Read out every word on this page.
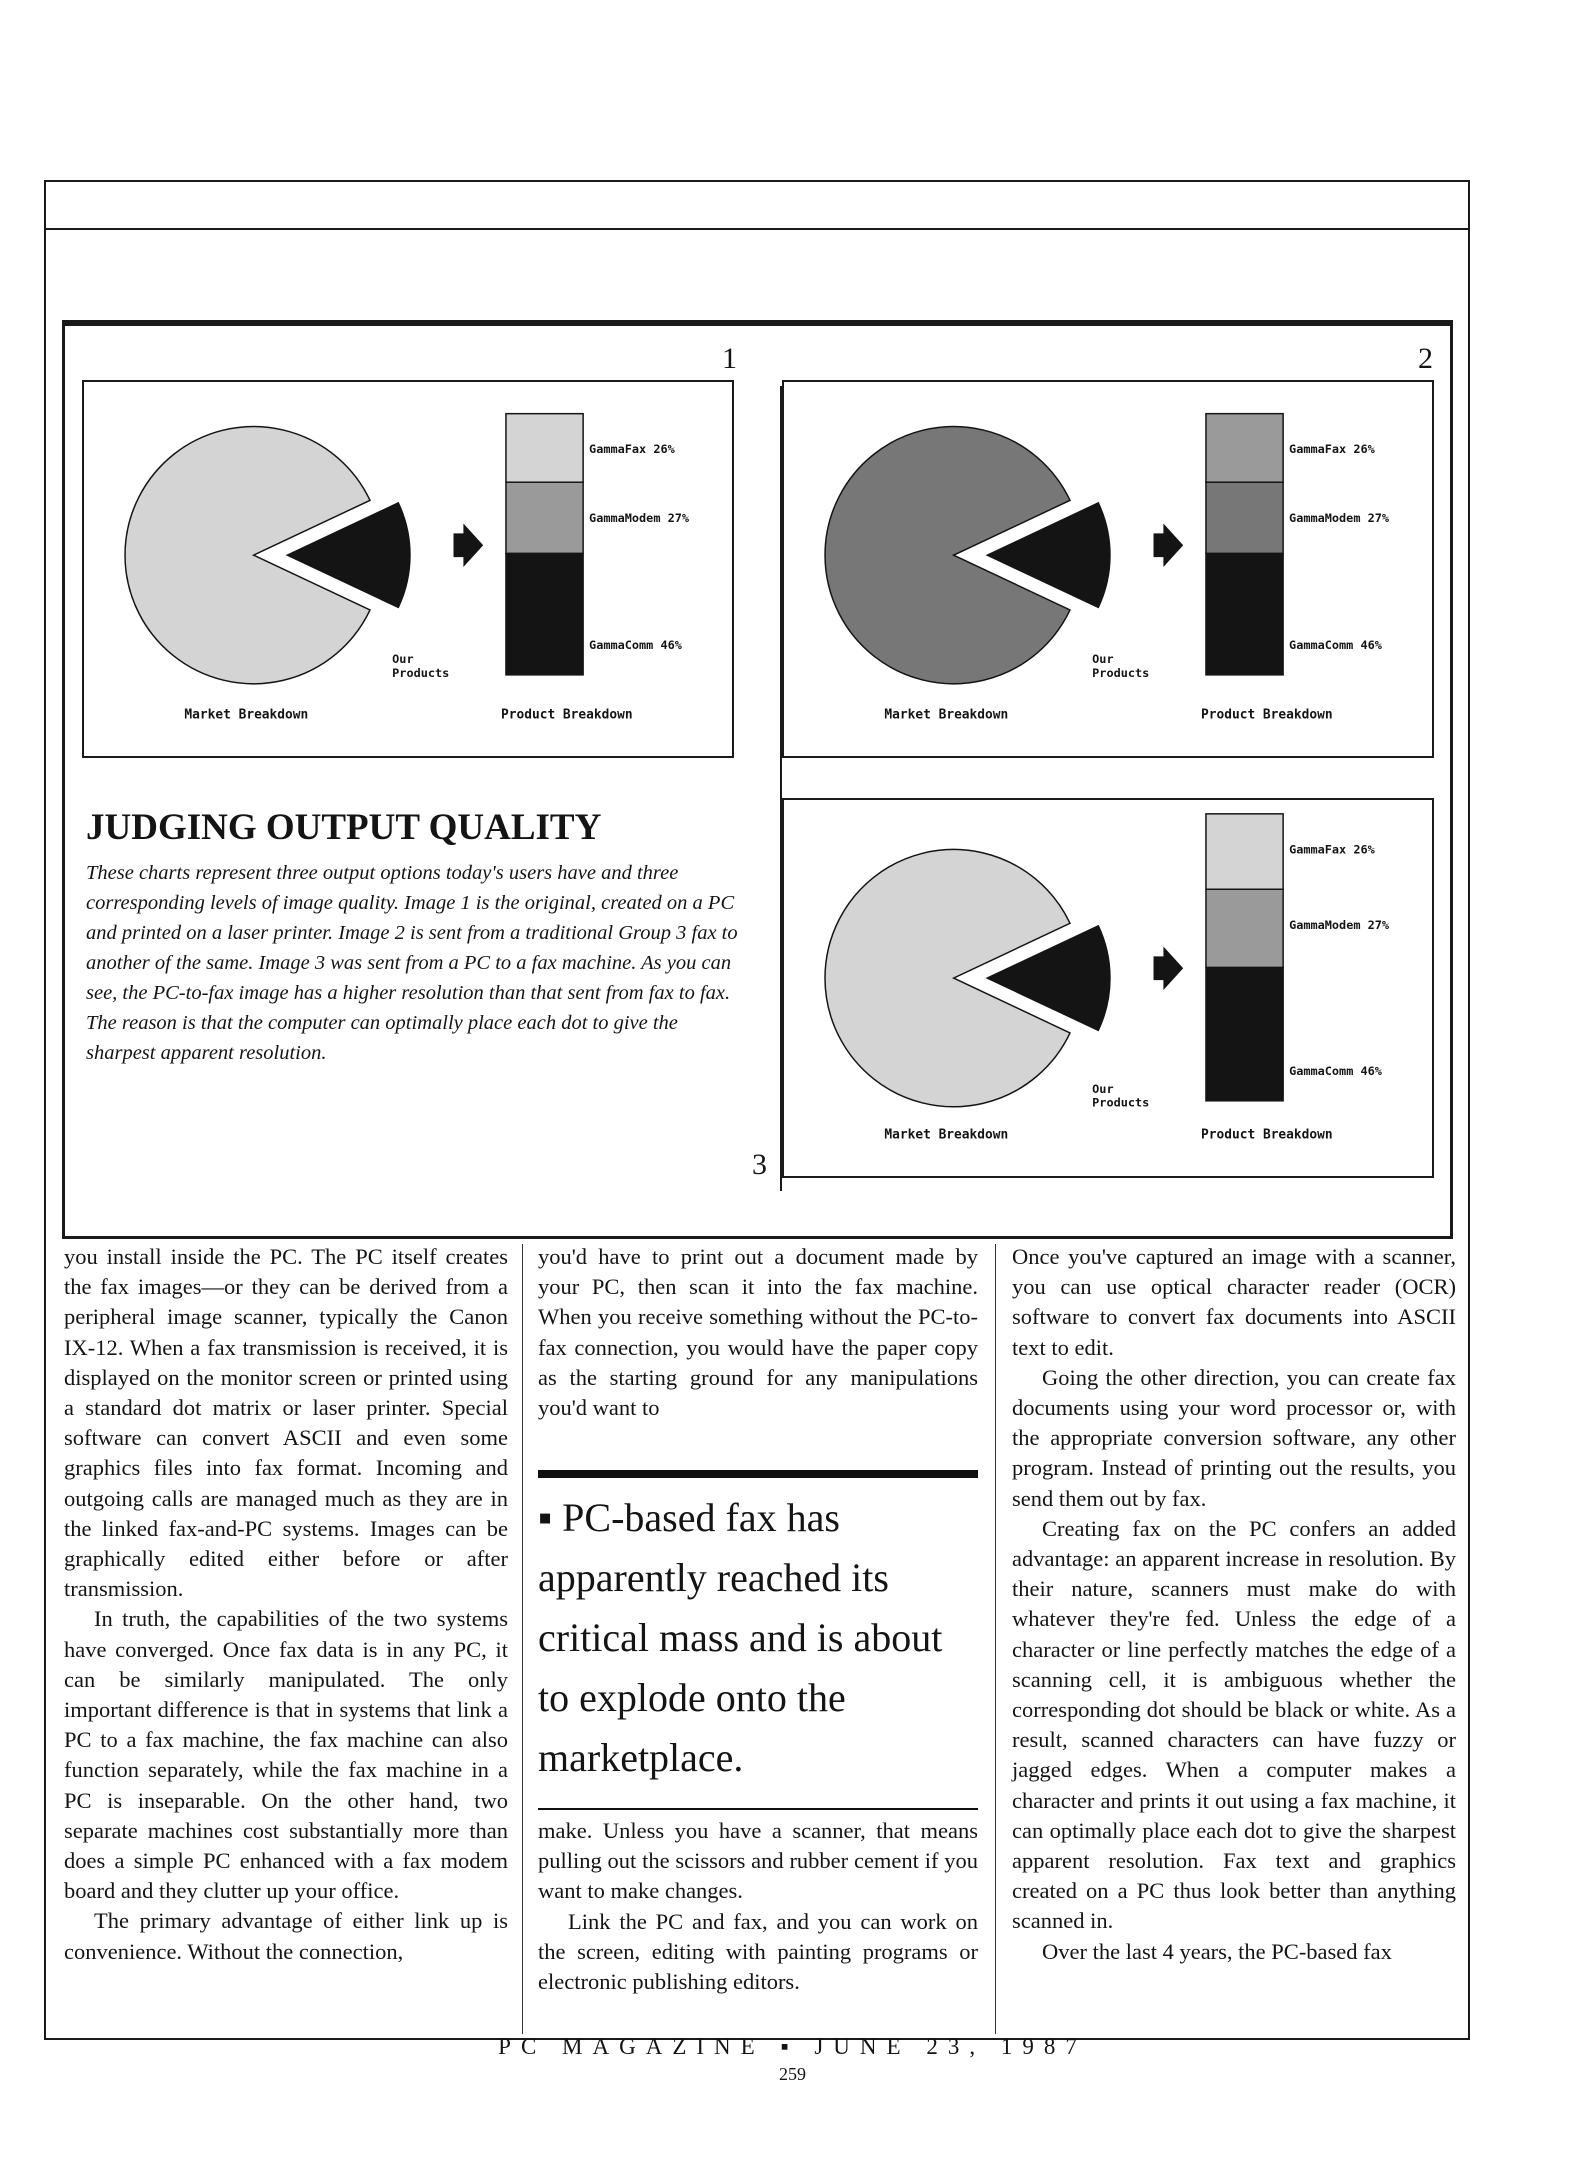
1	2
3
GammaFax 26%
GammaModem 27%
GammaComm 46%
Our
Products
Market Breakdown	Product Breakdown
GammaFax 26%
GammaModem 27%
GammaComm 46%
Our
Products
Market Breakdown	Product Breakdown
GammaFax 26%
GammaModem 27%
GammaComm 46%
Our
Products
Market Breakdown	Product Breakdown
JUDGING OUTPUT QUALITY

These charts represent three output options today's users have and three corresponding levels of image quality. Image 1 is the original, created on a PC and printed on a laser printer. Image 2 is sent from a traditional Group 3 fax to another of the same. Image 3 was sent from a PC to a fax machine. As you can see, the PC-to-fax image has a higher resolution than that sent from fax to fax. The reason is that the computer can optimally place each dot to give the sharpest apparent resolution.

you install inside the PC. The PC itself creates the fax images—or they can be derived from a peripheral image scanner, typically the Canon IX-12. When a fax transmission is received, it is displayed on the monitor screen or printed using a standard dot matrix or laser printer. Special software can convert ASCII and even some graphics files into fax format. Incoming and outgoing calls are managed much as they are in the linked fax-and-PC systems. Images can be graphically edited either before or after transmission.

In truth, the capabilities of the two systems have converged. Once fax data is in any PC, it can be similarly manipulated. The only important difference is that in systems that link a PC to a fax machine, the fax machine can also function separately, while the fax machine in a PC is inseparable. On the other hand, two separate machines cost substantially more than does a simple PC enhanced with a fax modem board and they clutter up your office.

The primary advantage of either link up is convenience. Without the connection,

you'd have to print out a document made by your PC, then scan it into the fax machine. When you receive something without the PC-to-fax connection, you would have the paper copy as the starting ground for any manipulations you'd want to

▪ PC-based fax has apparently reached its critical mass and is about to explode onto the marketplace.

make. Unless you have a scanner, that means pulling out the scissors and rubber cement if you want to make changes.

Link the PC and fax, and you can work on the screen, editing with painting programs or electronic publishing editors.

Once you've captured an image with a scanner, you can use optical character reader (OCR) software to convert fax documents into ASCII text to edit.

Going the other direction, you can create fax documents using your word processor or, with the appropriate conversion software, any other program. Instead of printing out the results, you send them out by fax.

Creating fax on the PC confers an added advantage: an apparent increase in resolution. By their nature, scanners must make do with whatever they're fed. Unless the edge of a character or line perfectly matches the edge of a scanning cell, it is ambiguous whether the corresponding dot should be black or white. As a result, scanned characters can have fuzzy or jagged edges. When a computer makes a character and prints it out using a fax machine, it can optimally place each dot to give the sharpest apparent resolution. Fax text and graphics created on a PC thus look better than anything scanned in.

Over the last 4 years, the PC-based fax

PC MAGAZINE ▪ JUNE 23, 1987
259
